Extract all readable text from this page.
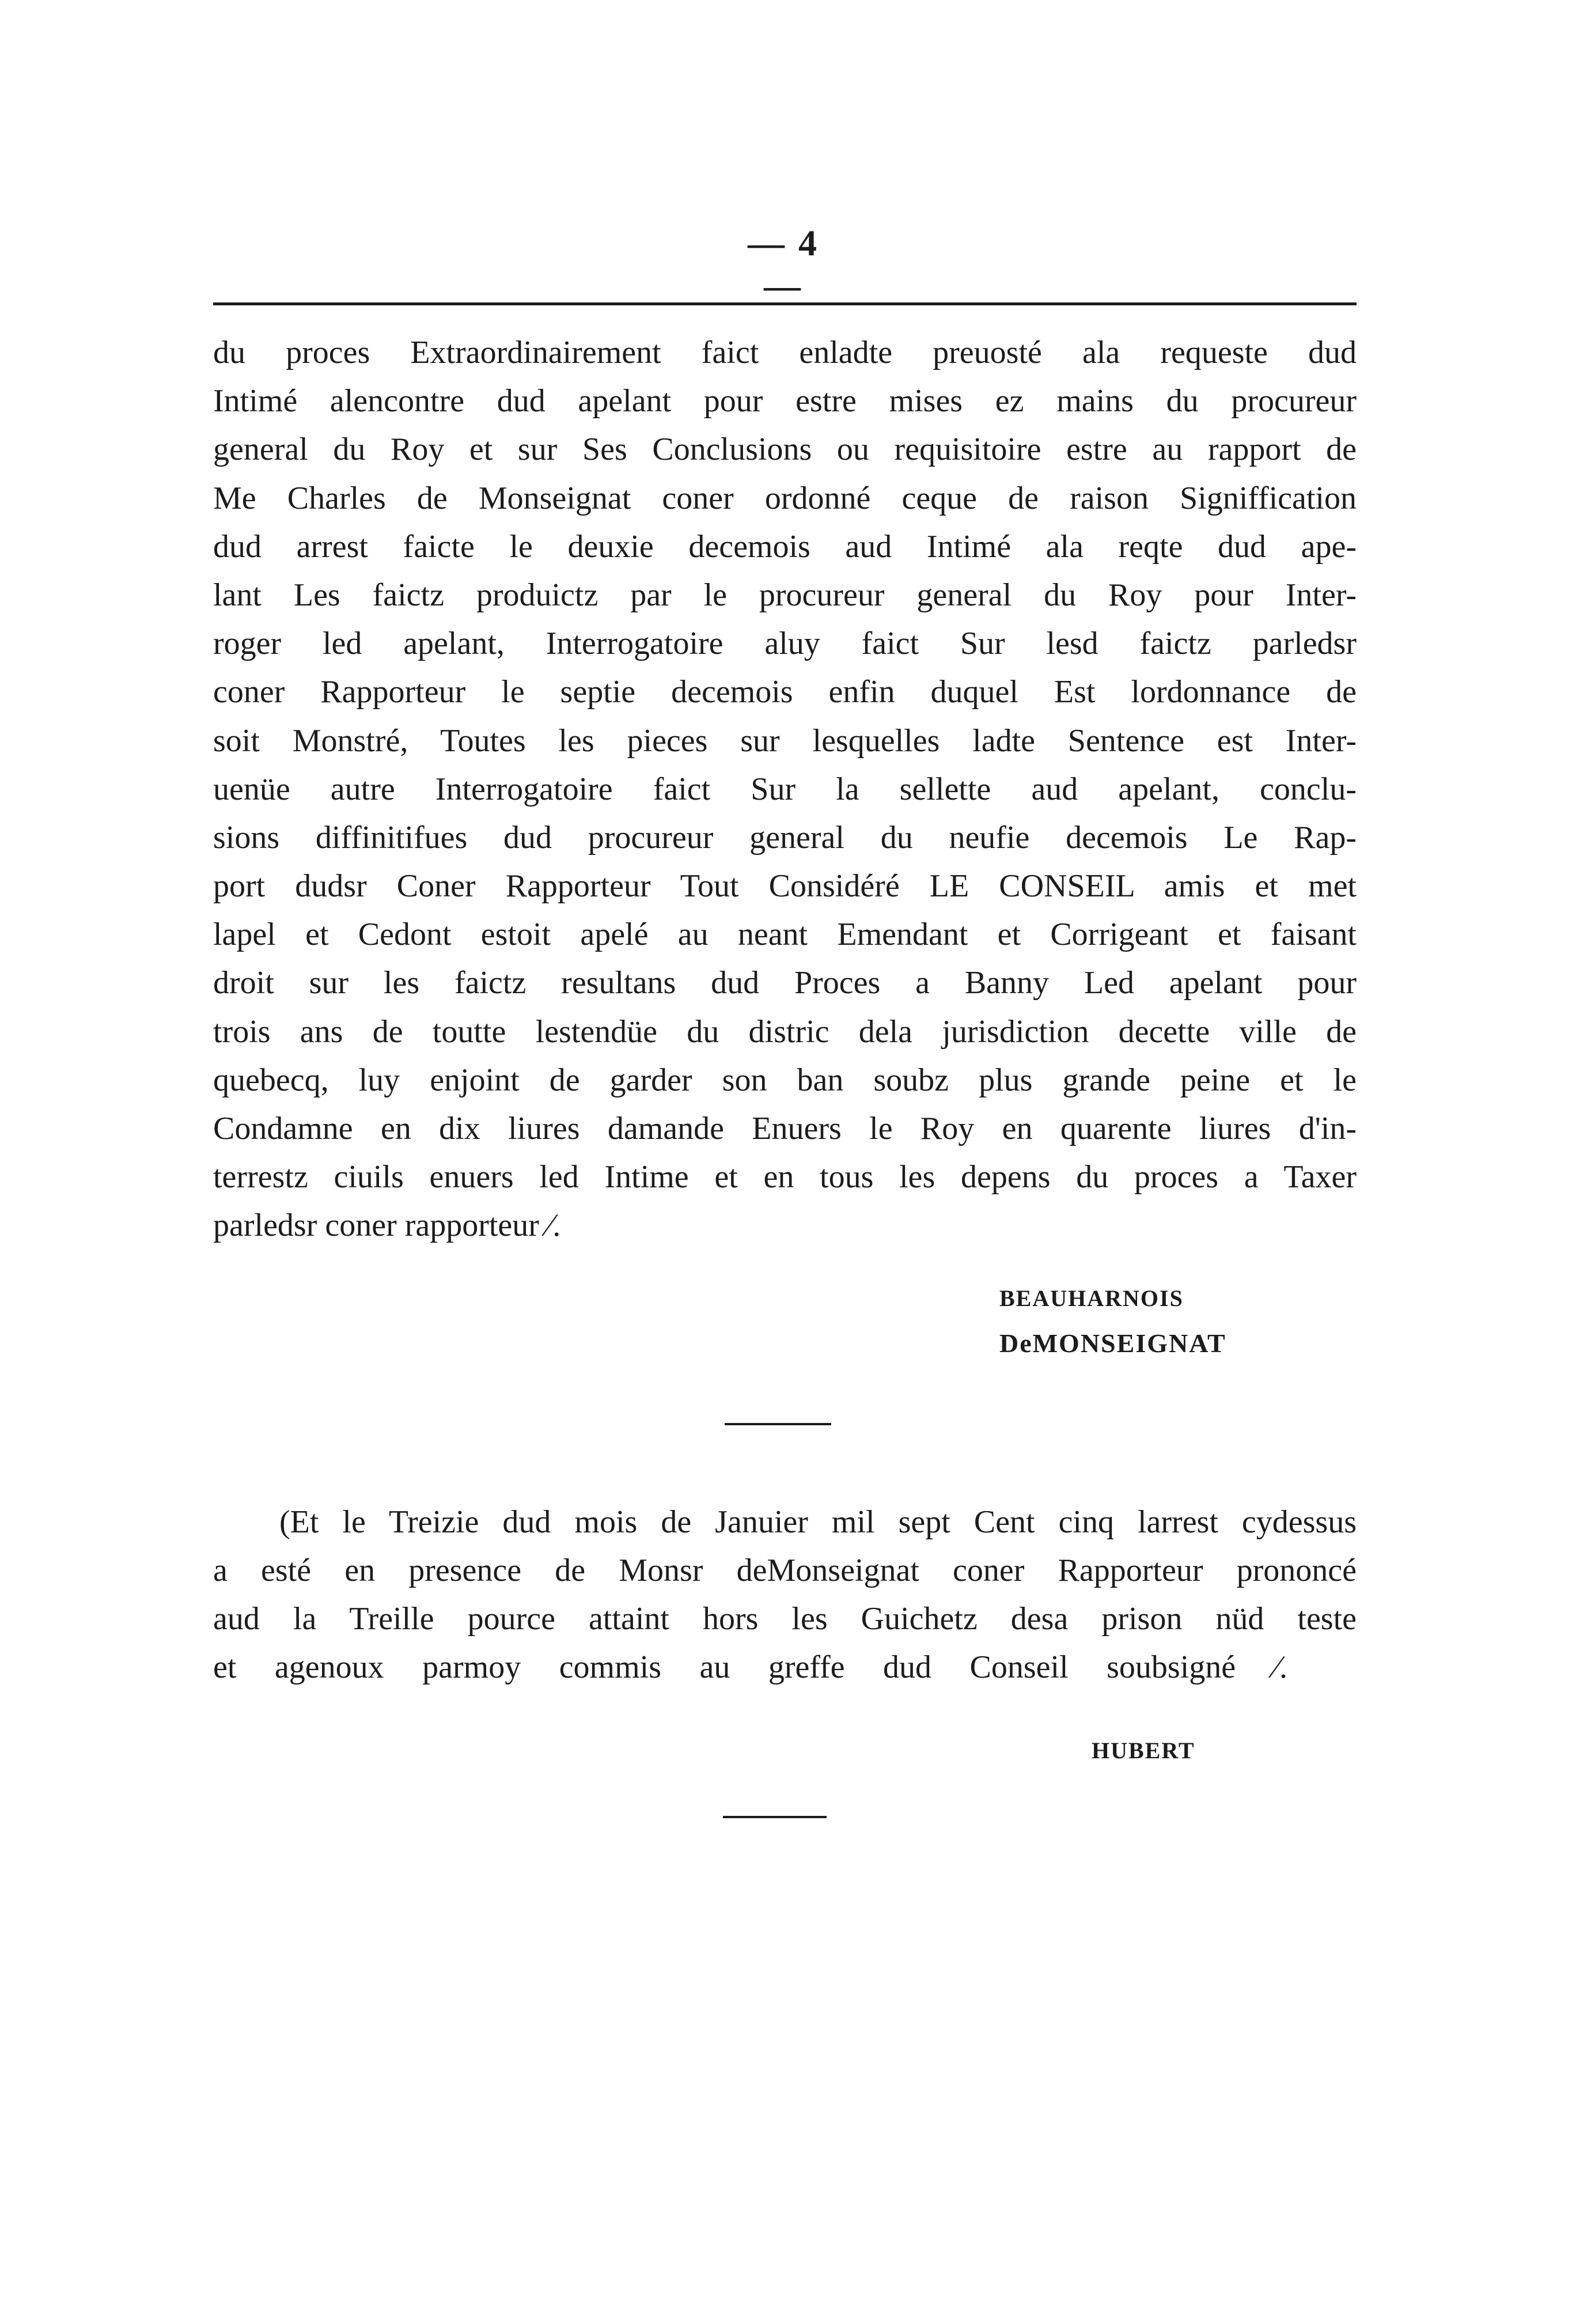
— 4 —
du proces Extraordinairement faict enladte preuosté ala requeste dud
Intimé alencontre dud apelant pour estre mises ez mains du procureur
general du Roy et sur Ses Conclusions ou requisitoire estre au rapport de
Me Charles de Monseignat coner ordonné ceque de raison Signiffication
dud arrest faicte le deuxie decemois aud Intimé ala reqte dud ape-
lant Les faictz produictz par le procureur general du Roy pour Inter-
roger led apelant, Interrogatoire aluy faict Sur lesd faictz parledsr
coner Rapporteur le septie decemois enfin duquel Est lordonnance de
soit Monstré, Toutes les pieces sur lesquelles ladte Sentence est Inter-
uenüe autre Interrogatoire faict Sur la sellette aud apelant, conclu-
sions diffinitifues dud procureur general du neufie decemois Le Rap-
port dudsr Coner Rapporteur Tout Considéré LE CONSEIL amis et met
lapel et Cedont estoit apelé au neant Emendant et Corrigeant et faisant
droit sur les faictz resultans dud Proces a Banny Led apelant pour
trois ans de toutte lestendüe du distric dela jurisdiction decette ville de
quebecq, luy enjoint de garder son ban soubz plus grande peine et le
Condamne en dix liures damande Enuers le Roy en quarente liures d'in-
terrestz ciuils enuers led Intime et en tous les depens du proces a Taxer
parledsr coner rapporteur ⁄.
BEAUHARNOIS
DeMONSEIGNAT
(Et le Treizie dud mois de Januier mil sept Cent cinq larrest cydessus
a esté en presence de Monsr deMonseignat coner Rapporteur prononcé
aud la Treille pource attaint hors les Guichetz desa prison nüd teste
et agenoux parmoy commis au greffe dud Conseil soubsigné ⁄.
HUBERT
